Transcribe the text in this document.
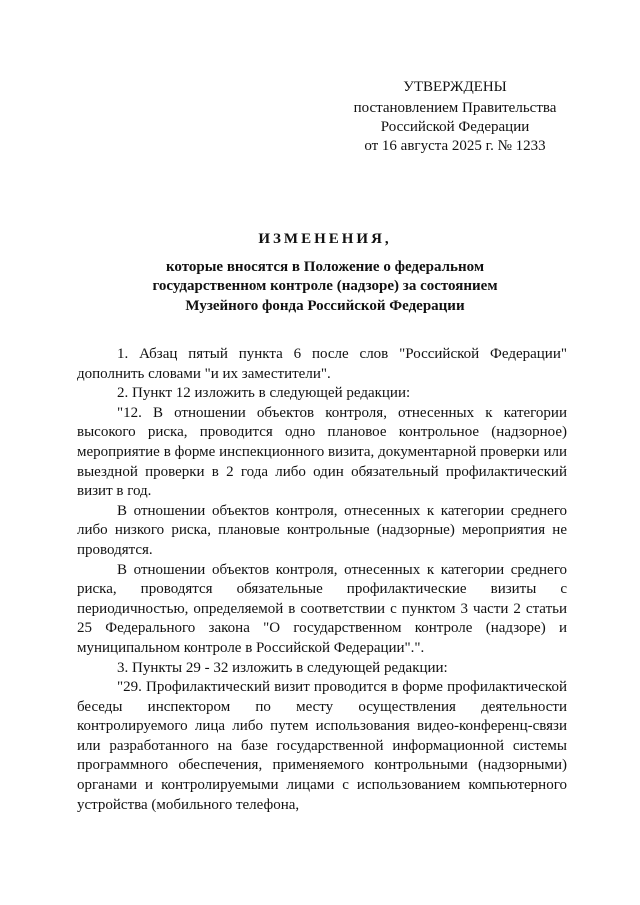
УТВЕРЖДЕНЫ
постановлением Правительства
Российской Федерации
от 16 августа 2025 г. № 1233
ИЗМЕНЕНИЯ,
которые вносятся в Положение о федеральном
государственном контроле (надзоре) за состоянием
Музейного фонда Российской Федерации

1. Абзац пятый пункта 6 после слов "Российской Федерации" дополнить словами "и их заместители".

2. Пункт 12 изложить в следующей редакции:

"12. В отношении объектов контроля, отнесенных к категории высокого риска, проводится одно плановое контрольное (надзорное) мероприятие в форме инспекционного визита, документарной проверки или выездной проверки в 2 года либо один обязательный профилактический визит в год.

В отношении объектов контроля, отнесенных к категории среднего либо низкого риска, плановые контрольные (надзорные) мероприятия не проводятся.

В отношении объектов контроля, отнесенных к категории среднего риска, проводятся обязательные профилактические визиты с периодичностью, определяемой в соответствии с пунктом 3 части 2 статьи 25 Федерального закона "О государственном контроле (надзоре) и муниципальном контроле в Российской Федерации".".

3. Пункты 29 - 32 изложить в следующей редакции:

"29. Профилактический визит проводится в форме профилактической беседы инспектором по месту осуществления деятельности контролируемого лица либо путем использования видео-конференц-связи или разработанного на базе государственной информационной системы программного обеспечения, применяемого контрольными (надзорными) органами и контролируемыми лицами с использованием компьютерного устройства (мобильного телефона,
